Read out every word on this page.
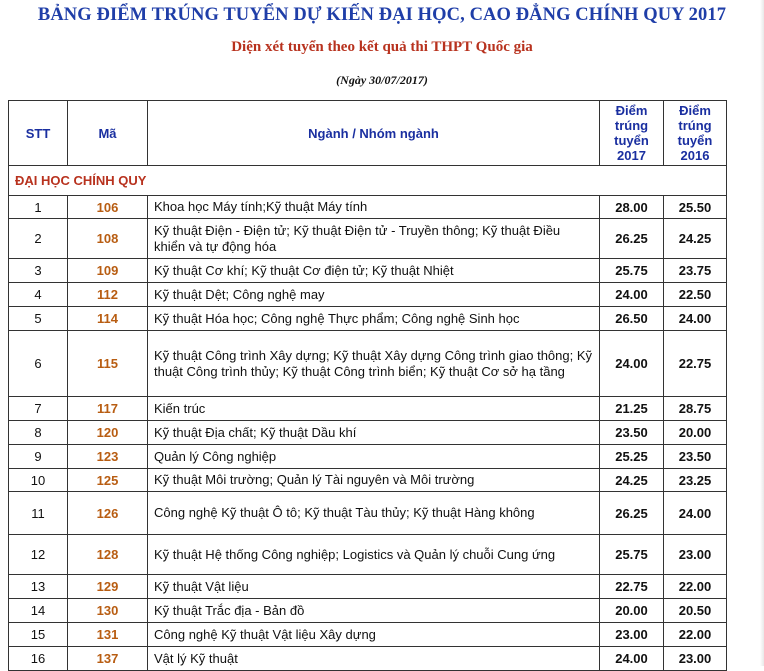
BẢNG ĐIỂM TRÚNG TUYỂN DỰ KIẾN ĐẠI HỌC, CAO ĐẲNG CHÍNH QUY 2017
Diện xét tuyển theo kết quả thi THPT Quốc gia
(Ngày 30/07/2017)
STT	Mã	Ngành / Nhóm ngành	Điểm trúng tuyển 2017	Điểm trúng tuyển 2016
ĐẠI HỌC CHÍNH QUY				
1	106	Khoa học Máy tính;Kỹ thuật Máy tính	28.00	25.50
2	108	Kỹ thuật Điện - Điện tử; Kỹ thuật Điện tử - Truyền thông; Kỹ thuật Điều khiển và tự động hóa	26.25	24.25
3	109	Kỹ thuật Cơ khí; Kỹ thuật Cơ điện tử; Kỹ thuật Nhiệt	25.75	23.75
4	112	Kỹ thuật Dệt; Công nghệ may	24.00	22.50
5	114	Kỹ thuật Hóa học; Công nghệ Thực phẩm; Công nghệ Sinh học	26.50	24.00
6	115	Kỹ thuật Công trình Xây dựng; Kỹ thuật Xây dựng Công trình giao thông; Kỹ thuật Công trình thủy; Kỹ thuật Công trình biển; Kỹ thuật Cơ sở hạ tầng	24.00	22.75
7	117	Kiến trúc	21.25	28.75
8	120	Kỹ thuật Địa chất; Kỹ thuật Dầu khí	23.50	20.00
9	123	Quản lý Công nghiệp	25.25	23.50
10	125	Kỹ thuật Môi trường; Quản lý Tài nguyên và Môi trường	24.25	23.25
11	126	Công nghệ Kỹ thuật Ô tô; Kỹ thuật Tàu thủy; Kỹ thuật Hàng không	26.25	24.00
12	128	Kỹ thuật Hệ thống Công nghiệp; Logistics và Quản lý chuỗi Cung ứng	25.75	23.00
13	129	Kỹ thuật Vật liệu	22.75	22.00
14	130	Kỹ thuật Trắc địa - Bản đồ	20.00	20.50
15	131	Công nghệ Kỹ thuật Vật liệu Xây dựng	23.00	22.00
16	137	Vật lý Kỹ thuật	24.00	23.00
